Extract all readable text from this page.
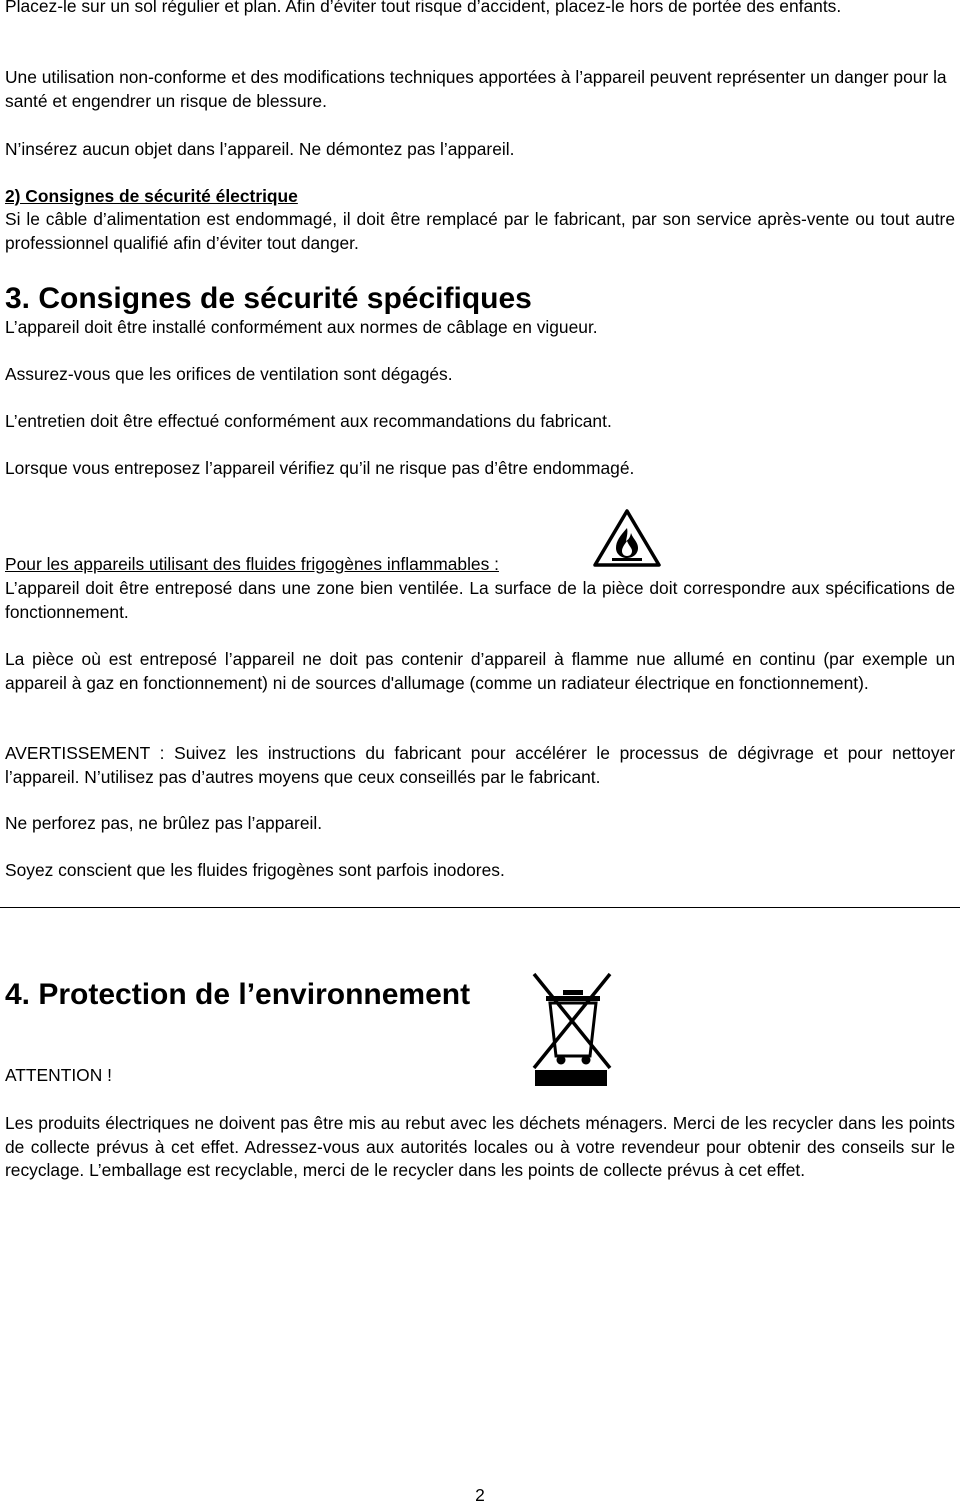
Placez-le sur un sol régulier et plan. Afin d’éviter tout risque d’accident, placez-le hors de portée des enfants.

Une utilisation non-conforme et des modifications techniques apportées à l’appareil peuvent représenter un danger pour la santé et engendrer un risque de blessure.

N’insérez aucun objet dans l’appareil. Ne démontez pas l’appareil.

2) Consignes de sécurité électrique

Si le câble d’alimentation est endommagé, il doit être remplacé par le fabricant, par son service après-vente ou tout autre professionnel qualifié afin d’éviter tout danger.

3. Consignes de sécurité spécifiques

L’appareil doit être installé conformément aux normes de câblage en vigueur.

Assurez-vous que les orifices de ventilation sont dégagés.

L’entretien doit être effectué conformément aux recommandations du fabricant.

Lorsque vous entreposez l’appareil vérifiez qu’il ne risque pas d’être endommagé.

Pour les appareils utilisant des fluides frigogènes inflammables :

L’appareil doit être entreposé dans une zone bien ventilée. La surface de la pièce doit correspondre aux spécifications de fonctionnement.

La pièce où est entreposé l’appareil ne doit pas contenir d’appareil à flamme nue allumé en continu (par exemple un appareil à gaz en fonctionnement) ni de sources d'allumage (comme un radiateur électrique en fonctionnement).

AVERTISSEMENT : Suivez les instructions du fabricant pour accélérer le processus de dégivrage et pour nettoyer l’appareil. N’utilisez pas d’autres moyens que ceux conseillés par le fabricant.

Ne perforez pas, ne brûlez pas l’appareil.

Soyez conscient que les fluides frigogènes sont parfois inodores.

4. Protection de l’environnement

ATTENTION !

Les produits électriques ne doivent pas être mis au rebut avec les déchets ménagers. Merci de les recycler dans les points de collecte prévus à cet effet. Adressez-vous aux autorités locales ou à votre revendeur pour obtenir des conseils sur le recyclage. L’emballage est recyclable, merci de le recycler dans les points de collecte prévus à cet effet.

2
